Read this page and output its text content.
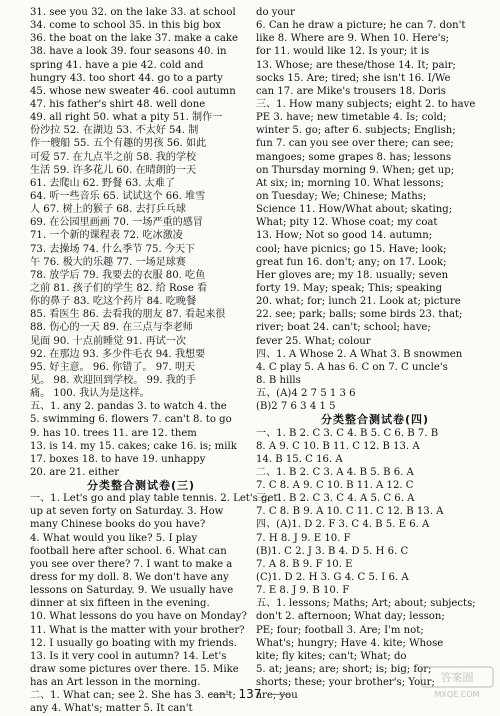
31. see you 32. on the lake 33. at school
34. come to school 35. in this big box
36. the boat on the lake 37. make a cake
38. have a look 39. four seasons 40. in
spring 41. have a pie 42. cold and
hungry 43. too short 44. go to a party
45. whose new sweater 46. cool autumn
47. his father's shirt 48. well done
49. all right 50. what a pity 51. 制作一
份沙拉 52. 在湖边 53. 不太好 54. 制
作一艘船 55. 五个有趣的男孩 56. 如此
可爱 57. 在九点半之前 58. 我的学校
生活 59. 许多花儿 60. 在晴朗的一天
61. 去爬山 62. 野餐 63. 太难了
64. 听一些音乐 65. 试试这个 66. 堆雪
人 67. 树上的猴子 68. 去打乒乓球
69. 在公园里画画 70. 一场严重的感冒
71. 一个新的课程表 72. 吃冰激凌
73. 去操场 74. 什么季节 75. 今天下
午 76. 极大的乐趣 77. 一场足球赛
78. 放学后 79. 我要去的衣服 80. 吃鱼
之前 81. 孩子们的学生 82. 给 Rose 看
你的鼻子 83. 吃这个药片 84. 吃晚餐
85. 看医生 86. 去看我的朋友 87. 看起来很
88. 伤心的一天 89. 在三点与李老师
见面 90. 十点前睡觉 91. 再试一次
92. 在那边 93. 多少件毛衣 94. 我想要
95. 好主意。 96. 你错了。 97. 明天
见。 98. 欢迎回到学校。 99. 我的手
痛。 100. 我认为是这样。
五、1. any 2. pandas 3. to watch 4. the
5. swimming 6. flowers 7. can't 8. to go
9. has 10. trees 11. are 12. them
13. is 14. my 15. cakes; cake 16. is; milk
17. boxes 18. to have 19. unhappy
20. are 21. either
分类整合测试卷(三)
一、1. Let's go and play table tennis. 2. Let's get
up at seven forty on Saturday. 3. How
many Chinese books do you have?
4. What would you like? 5. I play
football here after school. 6. What can
you see over there? 7. I want to make a
dress for my doll. 8. We don't have any
lessons on Saturday. 9. We usually have
dinner at six fifteen in the evening.
10. What lessons do you have on Monday?
11. What is the matter with your brother?
12. I usually go boating with my friends.
13. Is it very cool in autumn? 14. Let's
draw some pictures over there. 15. Mike
has an Art lesson in the morning.
二、1. What can; see 2. She has 3. can't;
any 4. What's; matter 5. It can't
do your
6. Can he draw a picture; he can 7. don't
like 8. Where are 9. When 10. Here's;
for 11. would like 12. Is your; it is
13. Whose; are these/those 14. It; pair;
socks 15. Are; tired; she isn't 16. I/We
can 17. are Mike's trousers 18. Doris
三、1. How many subjects; eight 2. to have
PE 3. have; new timetable 4. Is; cold;
winter 5. go; after 6. subjects; English;
fun 7. can you see over there; can see;
mangoes; some grapes 8. has; lessons
on Thursday morning 9. When; get up;
At six; in; morning 10. What lessons;
on Tuesday; We; Chinese; Maths;
Science 11. How/What about; skating;
What; pity 12. Whose coat; my coat
13. How; Not so good 14. autumn;
cool; have picnics; go 15. Have; look;
great fun 16. don't; any; on 17. Look;
Her gloves are; my 18. usually; seven
forty 19. May; speak; This; speaking
20. what; for; lunch 21. Look at; picture
22. see; park; balls; some birds 23. that;
river; boat 24. can't; school; have;
fever 25. What; colour
四、1. A Whose 2. A What 3. B snowmen
4. C play 5. A has 6. C on 7. C uncle's
8. B hills
五、(A)4 2 7 5 1 3 6
(B)2 7 6 3 4 1 5
分类整合测试卷(四)
一、1. B 2. C 3. C 4. B 5. C 6. B 7. B
8. A 9. C 10. B 11. C 12. B 13. A
14. B 15. C 16. A
二、1. B 2. C 3. A 4. B 5. B 6. A
7. C 8. A 9. C 10. B 11. A 12. C
三、1. B 2. C 3. C 4. A 5. C 6. A
7. C 8. B 9. A 10. C 11. C 12. B 13. A
四、(A)1. D 2. F 3. C 4. B 5. E 6. A
7. H 8. J 9. E 10. F
(B)1. C 2. J 3. B 4. D 5. H 6. C
7. A 8. B 9. F 10. E
(C)1. D 2. H 3. G 4. C 5. I 6. A
7. E 8. J 9. B 10. F
五、1. lessons; Maths; Art; about; subjects;
don't 2. afternoon; What day; lesson;
PE; four; football 3. Are; I'm not;
What's; hungry; Have 4. kite; Whose
kite; fly kites; can't; What; do
5. at; jeans; are; short; is; big; for;
shorts; these; your brother's; Your;
are; you
137
答案圈
MXQE.COM
